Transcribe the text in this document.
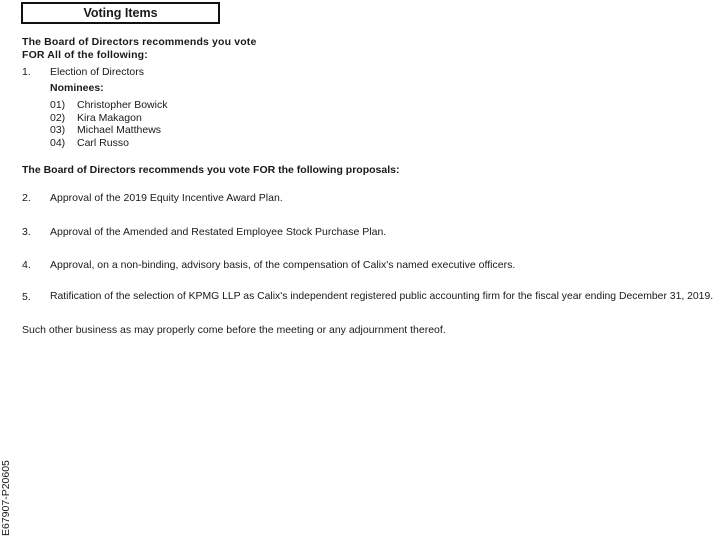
Voting Items
The Board of Directors recommends you vote
FOR All of the following:
1. Election of Directors
Nominees:
01) Christopher Bowick
02) Kira Makagon
03) Michael Matthews
04) Carl Russo
The Board of Directors recommends you vote FOR the following proposals:
2. Approval of the 2019 Equity Incentive Award Plan.
3. Approval of the Amended and Restated Employee Stock Purchase Plan.
4. Approval, on a non-binding, advisory basis, of the compensation of Calix's named executive officers.
5. Ratification of the selection of KPMG LLP as Calix's independent registered public accounting firm for the fiscal year ending December 31, 2019.
Such other business as may properly come before the meeting or any adjournment thereof.
E67907-P20605
